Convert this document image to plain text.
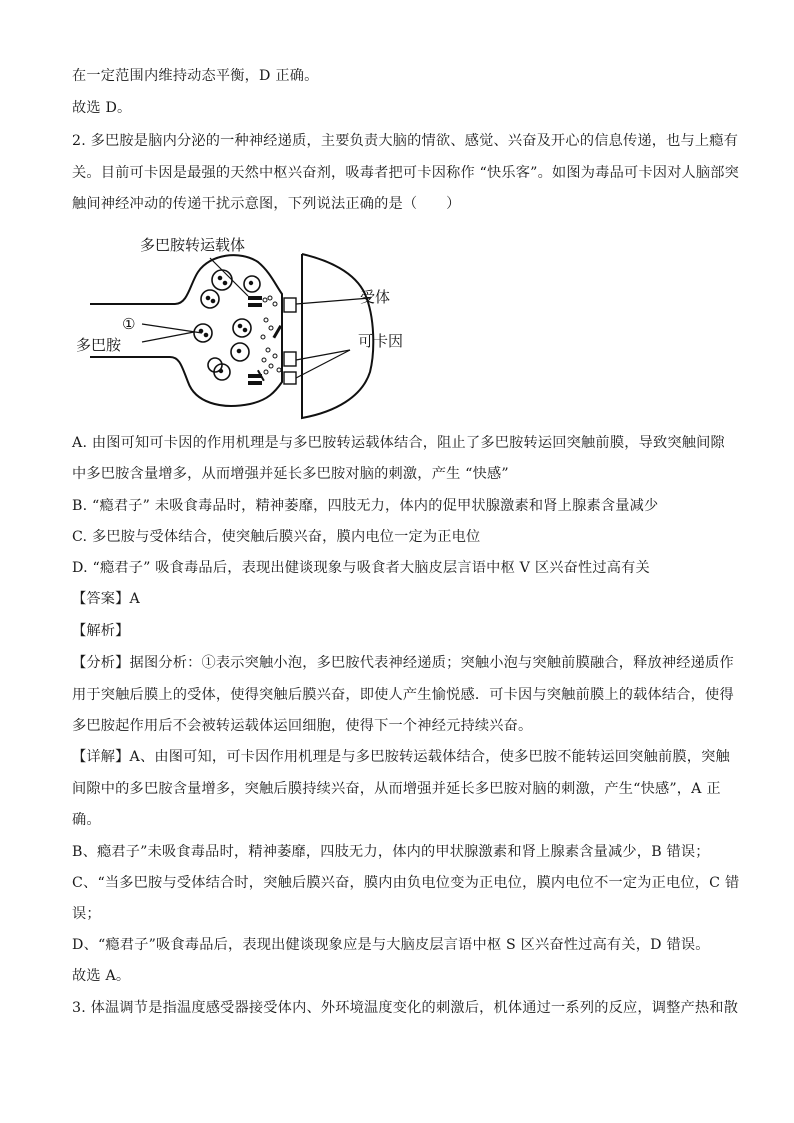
在一定范围内维持动态平衡，D 正确。
故选 D。
2. 多巴胺是脑内分泌的一种神经递质，主要负责大脑的情欲、感觉、兴奋及开心的信息传递，也与上瘾有
关。目前可卡因是最强的天然中枢兴奋剂，吸毒者把可卡因称作 “快乐客”。如图为毒品可卡因对人脑部突
触间神经冲动的传递干扰示意图，下列说法正确的是（　　）
多巴胺转运载体
受体
可卡因
多巴胺
①
A. 由图可知可卡因的作用机理是与多巴胺转运载体结合，阻止了多巴胺转运回突触前膜，导致突触间隙
中多巴胺含量增多，从而增强并延长多巴胺对脑的刺激，产生 “快感”
B. “瘾君子” 未吸食毒品时，精神萎靡，四肢无力，体内的促甲状腺激素和肾上腺素含量减少
C. 多巴胺与受体结合，使突触后膜兴奋，膜内电位一定为正电位
D. “瘾君子” 吸食毒品后，表现出健谈现象与吸食者大脑皮层言语中枢 V 区兴奋性过高有关
【答案】A
【解析】
【分析】据图分析：①表示突触小泡，多巴胺代表神经递质；突触小泡与突触前膜融合，释放神经递质作
用于突触后膜上的受体，使得突触后膜兴奋，即使人产生愉悦感．可卡因与突触前膜上的载体结合，使得
多巴胺起作用后不会被转运载体运回细胞，使得下一个神经元持续兴奋。
【详解】A、由图可知，可卡因作用机理是与多巴胺转运载体结合，使多巴胺不能转运回突触前膜，突触
间隙中的多巴胺含量增多，突触后膜持续兴奋，从而增强并延长多巴胺对脑的刺激，产生“快感”，A 正
确。
B、瘾君子”未吸食毒品时，精神萎靡，四肢无力，体内的甲状腺激素和肾上腺素含量减少，B 错误；
C、“当多巴胺与受体结合时，突触后膜兴奋，膜内由负电位变为正电位，膜内电位不一定为正电位，C 错
误；
D、“瘾君子”吸食毒品后，表现出健谈现象应是与大脑皮层言语中枢 S 区兴奋性过高有关，D 错误。
故选 A。
3. 体温调节是指温度感受器接受体内、外环境温度变化的刺激后，机体通过一系列的反应，调整产热和散
